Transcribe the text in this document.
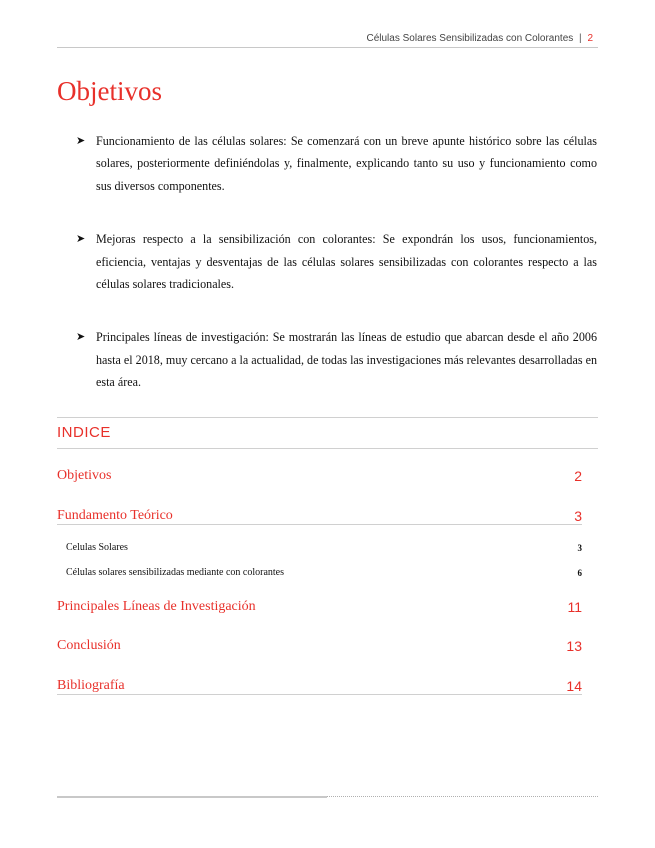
Células Solares Sensibilizadas con Colorantes | 2
Objetivos
➤ Funcionamiento de las células solares: Se comenzará con un breve apunte histórico sobre las células solares, posteriormente definiéndolas y, finalmente, explicando tanto su uso y funcionamiento como sus diversos componentes.
➤ Mejoras respecto a la sensibilización con colorantes: Se expondrán los usos, funcionamientos, eficiencia, ventajas y desventajas de las células solares sensibilizadas con colorantes respecto a las células solares tradicionales.
➤ Principales líneas de investigación: Se mostrarán las líneas de estudio que abarcan desde el año 2006 hasta el 2018, muy cercano a la actualidad, de todas las investigaciones más relevantes desarrolladas en esta área.
INDICE
Objetivos	2
Fundamento Teórico	3
Celulas Solares	3
Células solares sensibilizadas mediante con colorantes	6
Principales Líneas de Investigación	11
Conclusión	13
Bibliografía	14
